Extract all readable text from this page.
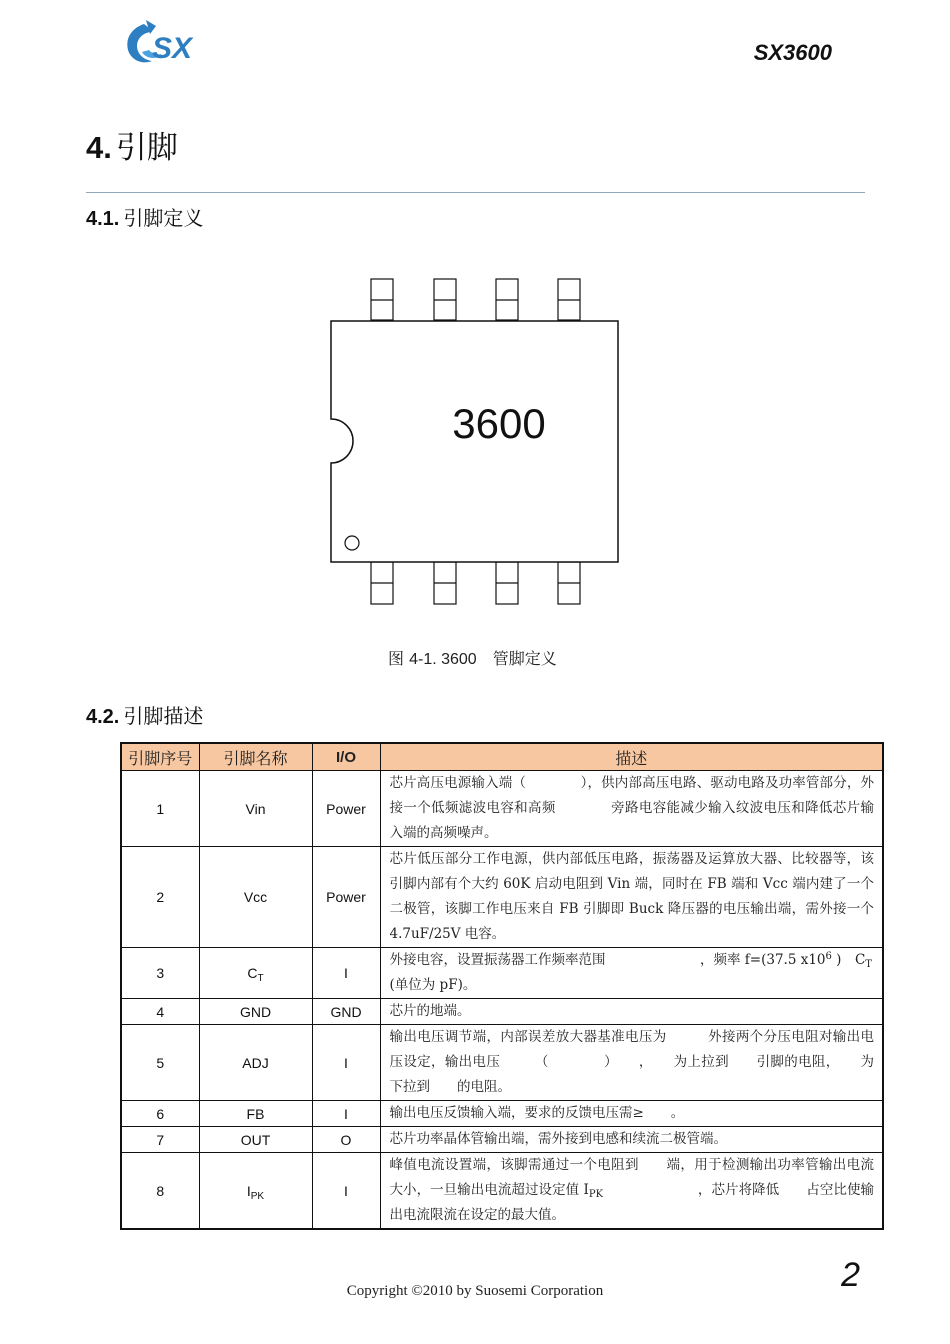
SX	SX3600
4. 引脚
4.1. 引脚定义
3600
图 4-1. 3600　 管脚定义
4.2. 引脚描述
引脚序号	引脚名称	I/O	描述
1	Vin	Power	芯片高压电源输入端（　　　　），供内部高压电路、驱动电路及功率管部分，外接一个低频滤波电容和高频　　　　旁路电容能减少输入纹波电压和降低芯片输入端的高频噪声。
2	Vcc	Power	芯片低压部分工作电源，供内部低压电路，振荡器及运算放大器、比较器等，该引脚内部有个大约 60K 启动电阻到 Vin 端，同时在 FB 端和 Vcc 端内建了一个二极管，该脚工作电压来自 FB 引脚即 Buck 降压器的电压输出端，需外接一个 4.7uF/25V 电容。
3	$C_T$	I	外接电容，设置振荡器工作频率范围　　　　　　　，频率 f=(37.5 $x10^6$ )　$C_T$
(单位为 pF)。
4	GND	GND	芯片的地端。
5	ADJ	I	输出电压调节端，内部误差放大器基准电压为　　　外接两个分压电阻对输出电压设定，输出电压　　　（　　　　）　　，　　为上拉到　　引脚的电阻，　　为下拉到　　的电阻。
6	FB	I	输出电压反馈输入端，要求的反馈电压需≥　　。
7	OUT	O	芯片功率晶体管输出端，需外接到电感和续流二极管端。
8	$I_{PK}$	I	峰值电流设置端，该脚需通过一个电阻到　　端，用于检测输出功率管输出电流大小，一旦输出电流超过设定值 $I_{PK}$　　　　　　　，芯片将降低　　占空比使输出电流限流在设定的最大值。
Copyright ©2010 by Suosemi Corporation	2
